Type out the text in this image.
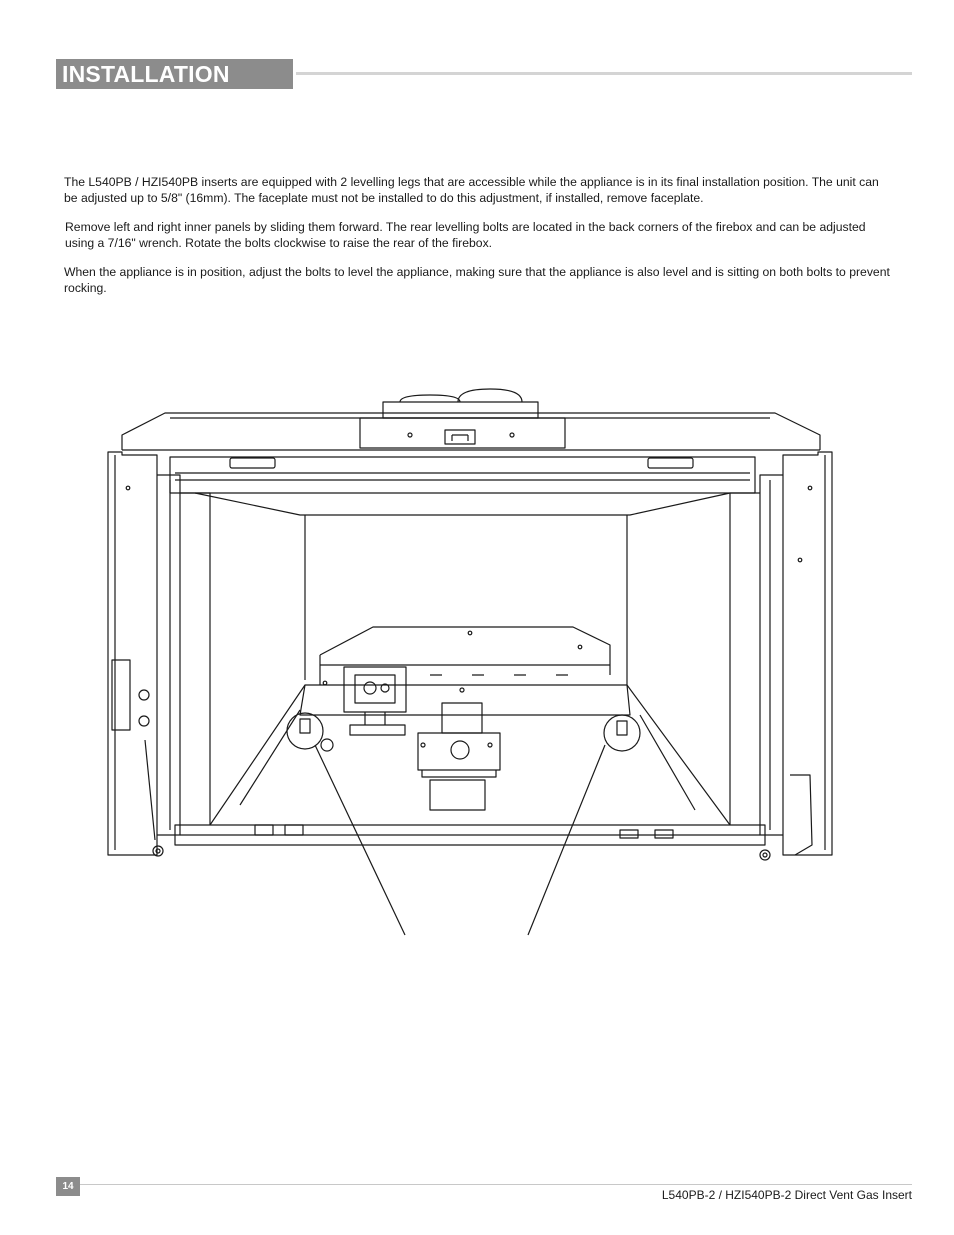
INSTALLATION

The L540PB / HZI540PB inserts are equipped with 2 levelling legs that are accessible while the appliance is in its final installation position. The unit can be adjusted up to 5/8" (16mm). The faceplate must not be installed to do this adjustment, if installed, remove faceplate.

Remove left and right inner panels by sliding them forward. The rear levelling bolts are located in the back corners of the firebox and can be adjusted using a 7/16" wrench. Rotate the bolts clockwise to raise the rear of the firebox.

When the appliance is in position, adjust the bolts to level the appliance, making sure that the appliance is also level and is sitting on both bolts to prevent rocking.

14
L540PB-2 / HZI540PB-2 Direct Vent Gas Insert
